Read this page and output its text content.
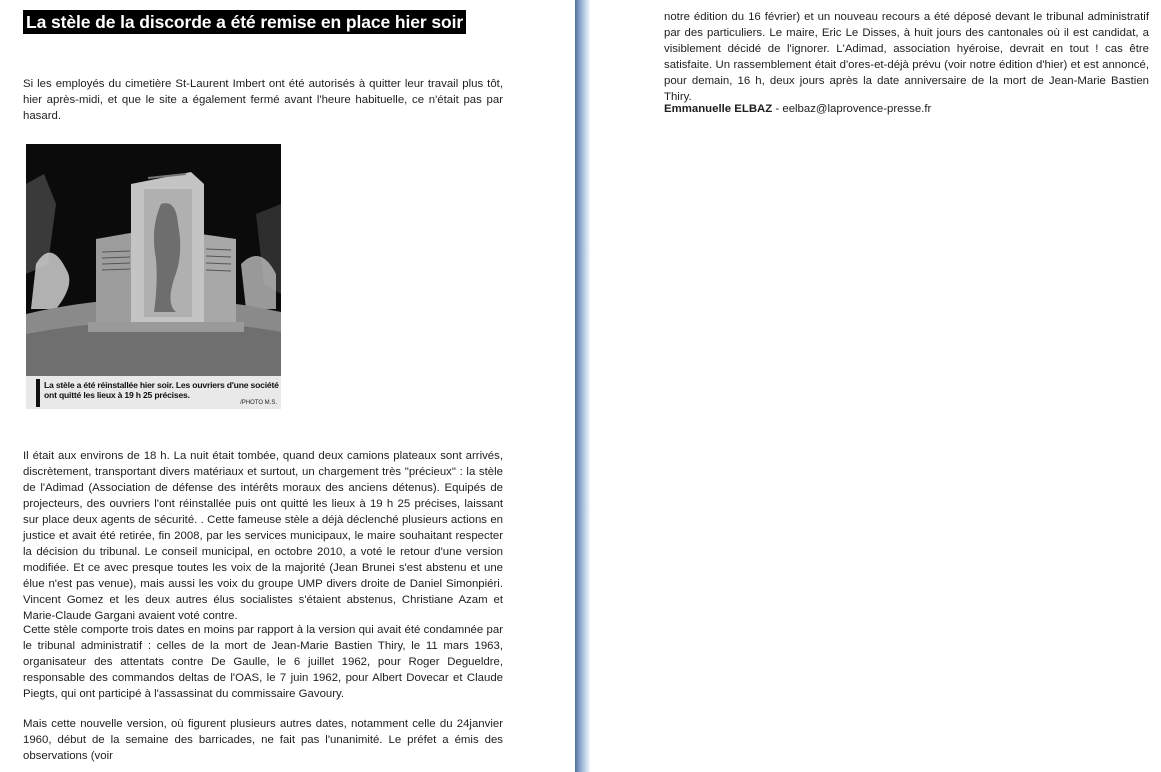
La stèle de la discorde a été remise en place hier soir

Si les employés du cimetière St-Laurent Imbert ont été autorisés à quitter leur travail plus tôt, hier après-midi, et que le site a également fermé avant l'heure habituelle, ce n'était pas par hasard.

La stèle a été réinstallée hier soir. Les ouvriers d'une société ont quitté les lieux à 19 h 25 précises.
/PHOTO M.S.

Il était aux environs de 18 h. La nuit était tombée, quand deux camions plateaux sont arrivés, discrètement, transportant divers matériaux et surtout, un chargement très "précieux" : la stèle de l'Adimad (Association de défense des intérêts moraux des anciens détenus). Equipés de projecteurs, des ouvriers l'ont réinstallée puis ont quitté les lieux à 19 h 25 précises, laissant sur place deux agents de sécurité. . Cette fameuse stèle a déjà déclenché plusieurs actions en justice et avait été retirée, fin 2008, par les services municipaux, le maire souhaitant respecter la décision du tribunal. Le conseil municipal, en octobre 2010, a voté le retour d'une version modifiée. Et ce avec presque toutes les voix de la majorité (Jean Brunei s'est abstenu et une élue n'est pas venue), mais aussi les voix du groupe UMP divers droite de Daniel Simonpiéri. Vincent Gomez et les deux autres élus socialistes s'étaient abstenus, Christiane Azam et Marie-Claude Gargani avaient voté contre.

Cette stèle comporte trois dates en moins par rapport à la version qui avait été condamnée par le tribunal administratif : celles de la mort de Jean-Marie Bastien Thiry, le 11 mars 1963, organisateur des attentats contre De Gaulle, le 6 juillet 1962, pour Roger Degueldre, responsable des commandos deltas de l'OAS, le 7 juin 1962, pour Albert Dovecar et Claude Piegts, qui ont participé à l'assassinat du commissaire Gavoury.

Mais cette nouvelle version, où figurent plusieurs autres dates, notamment celle du 24janvier 1960, début de la semaine des barricades, ne fait pas l'unanimité. Le préfet a émis des observations (voir

notre édition du 16 février) et un nouveau recours a été déposé devant le tribunal administratif par des particuliers. Le maire, Eric Le Disses, à huit jours des cantonales où il est candidat, a visiblement décidé de l'ignorer. L'Adimad, association hyéroise, devrait en tout ! cas être satisfaite. Un rassemblement était d'ores-et-déjà prévu (voir notre édition d'hier) et est annoncé, pour demain, 16 h, deux jours après la date anniversaire de la mort de Jean-Marie Bastien Thiry.

Emmanuelle ELBAZ - eelbaz@laprovence-presse.fr
